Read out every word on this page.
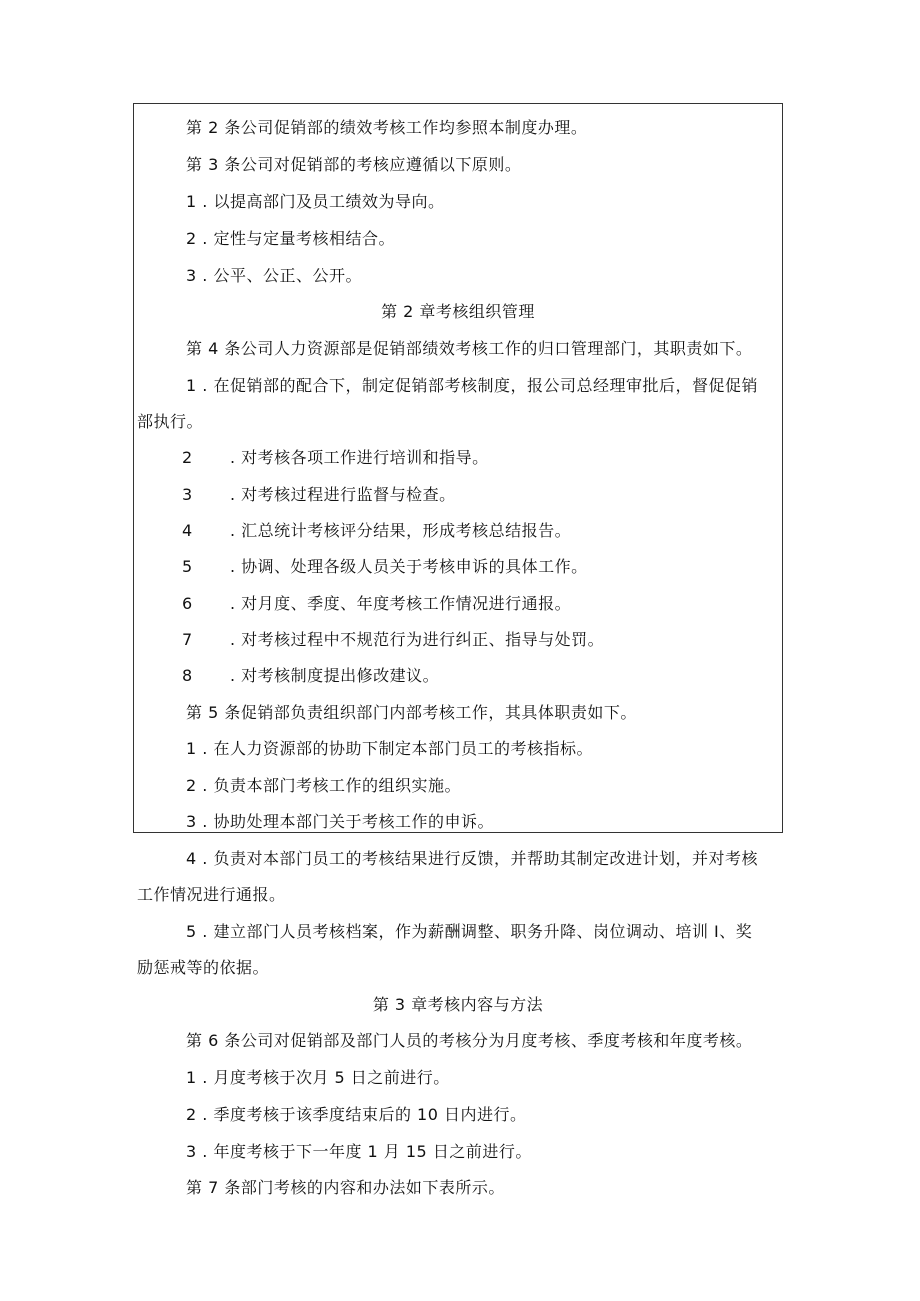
第 2 条公司促销部的绩效考核工作均参照本制度办理。
第 3 条公司对促销部的考核应遵循以下原则。
1 . 以提高部门及员工绩效为导向。
2 . 定性与定量考核相结合。
3 . 公平、公正、公开。
第 2 章考核组织管理
第 4 条公司人力资源部是促销部绩效考核工作的归口管理部门，其职责如下。
1 . 在促销部的配合下，制定促销部考核制度，报公司总经理审批后，督促促销
部执行。
2 . 对考核各项工作进行培训和指导。
3 . 对考核过程进行监督与检查。
4 . 汇总统计考核评分结果，形成考核总结报告。
5 . 协调、处理各级人员关于考核申诉的具体工作。
6 . 对月度、季度、年度考核工作情况进行通报。
7 . 对考核过程中不规范行为进行纠正、指导与处罚。
8 . 对考核制度提出修改建议。
第 5 条促销部负责组织部门内部考核工作，其具体职责如下。
1 . 在人力资源部的协助下制定本部门员工的考核指标。
2 . 负责本部门考核工作的组织实施。
3 . 协助处理本部门关于考核工作的申诉。
4 . 负责对本部门员工的考核结果进行反馈，并帮助其制定改进计划，并对考核
工作情况进行通报。
5 . 建立部门人员考核档案，作为薪酬调整、职务升降、岗位调动、培训 I、奖
励惩戒等的依据。
第 3 章考核内容与方法
第 6 条公司对促销部及部门人员的考核分为月度考核、季度考核和年度考核。
1 . 月度考核于次月 5 日之前进行。
2 . 季度考核于该季度结束后的 10 日内进行。
3 . 年度考核于下一年度 1 月 15 日之前进行。
第 7 条部门考核的内容和办法如下表所示。
